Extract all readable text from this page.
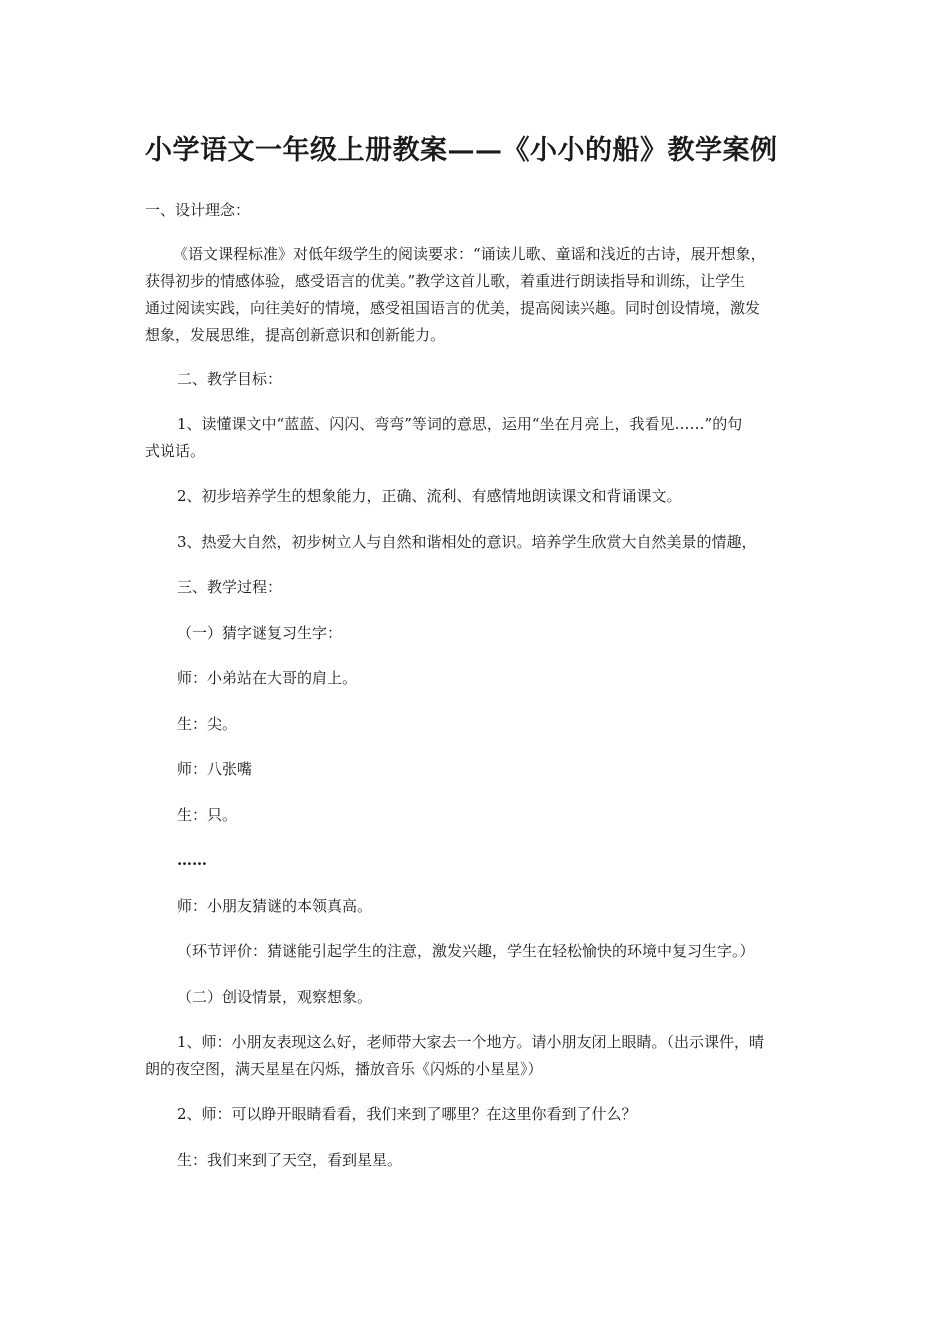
小学语文一年级上册教案——《小小的船》教学案例
一、设计理念：
《语文课程标准》对低年级学生的阅读要求：“诵读儿歌、童谣和浅近的古诗，展开想象，
获得初步的情感体验，感受语言的优美。”教学这首儿歌，着重进行朗读指导和训练，让学生
通过阅读实践，向往美好的情境，感受祖国语言的优美，提高阅读兴趣。同时创设情境，激发
想象，发展思维，提高创新意识和创新能力。
二、教学目标：
1、读懂课文中“蓝蓝、闪闪、弯弯”等词的意思，运用“坐在月亮上，我看见……”的句
式说话。
2、初步培养学生的想象能力，正确、流利、有感情地朗读课文和背诵课文。
3、热爱大自然，初步树立人与自然和谐相处的意识。培养学生欣赏大自然美景的情趣，
三、教学过程：
（一）猜字谜复习生字：
师：小弟站在大哥的肩上。
生：尖。
师：八张嘴
生：只。
……
师：小朋友猜谜的本领真高。
（环节评价：猜谜能引起学生的注意，激发兴趣，学生在轻松愉快的环境中复习生字。）
（二）创设情景，观察想象。
1、师：小朋友表现这么好，老师带大家去一个地方。请小朋友闭上眼睛。（出示课件，晴
朗的夜空图，满天星星在闪烁，播放音乐《闪烁的小星星》）
2、师：可以睁开眼睛看看，我们来到了哪里？在这里你看到了什么？
生：我们来到了天空，看到星星。
